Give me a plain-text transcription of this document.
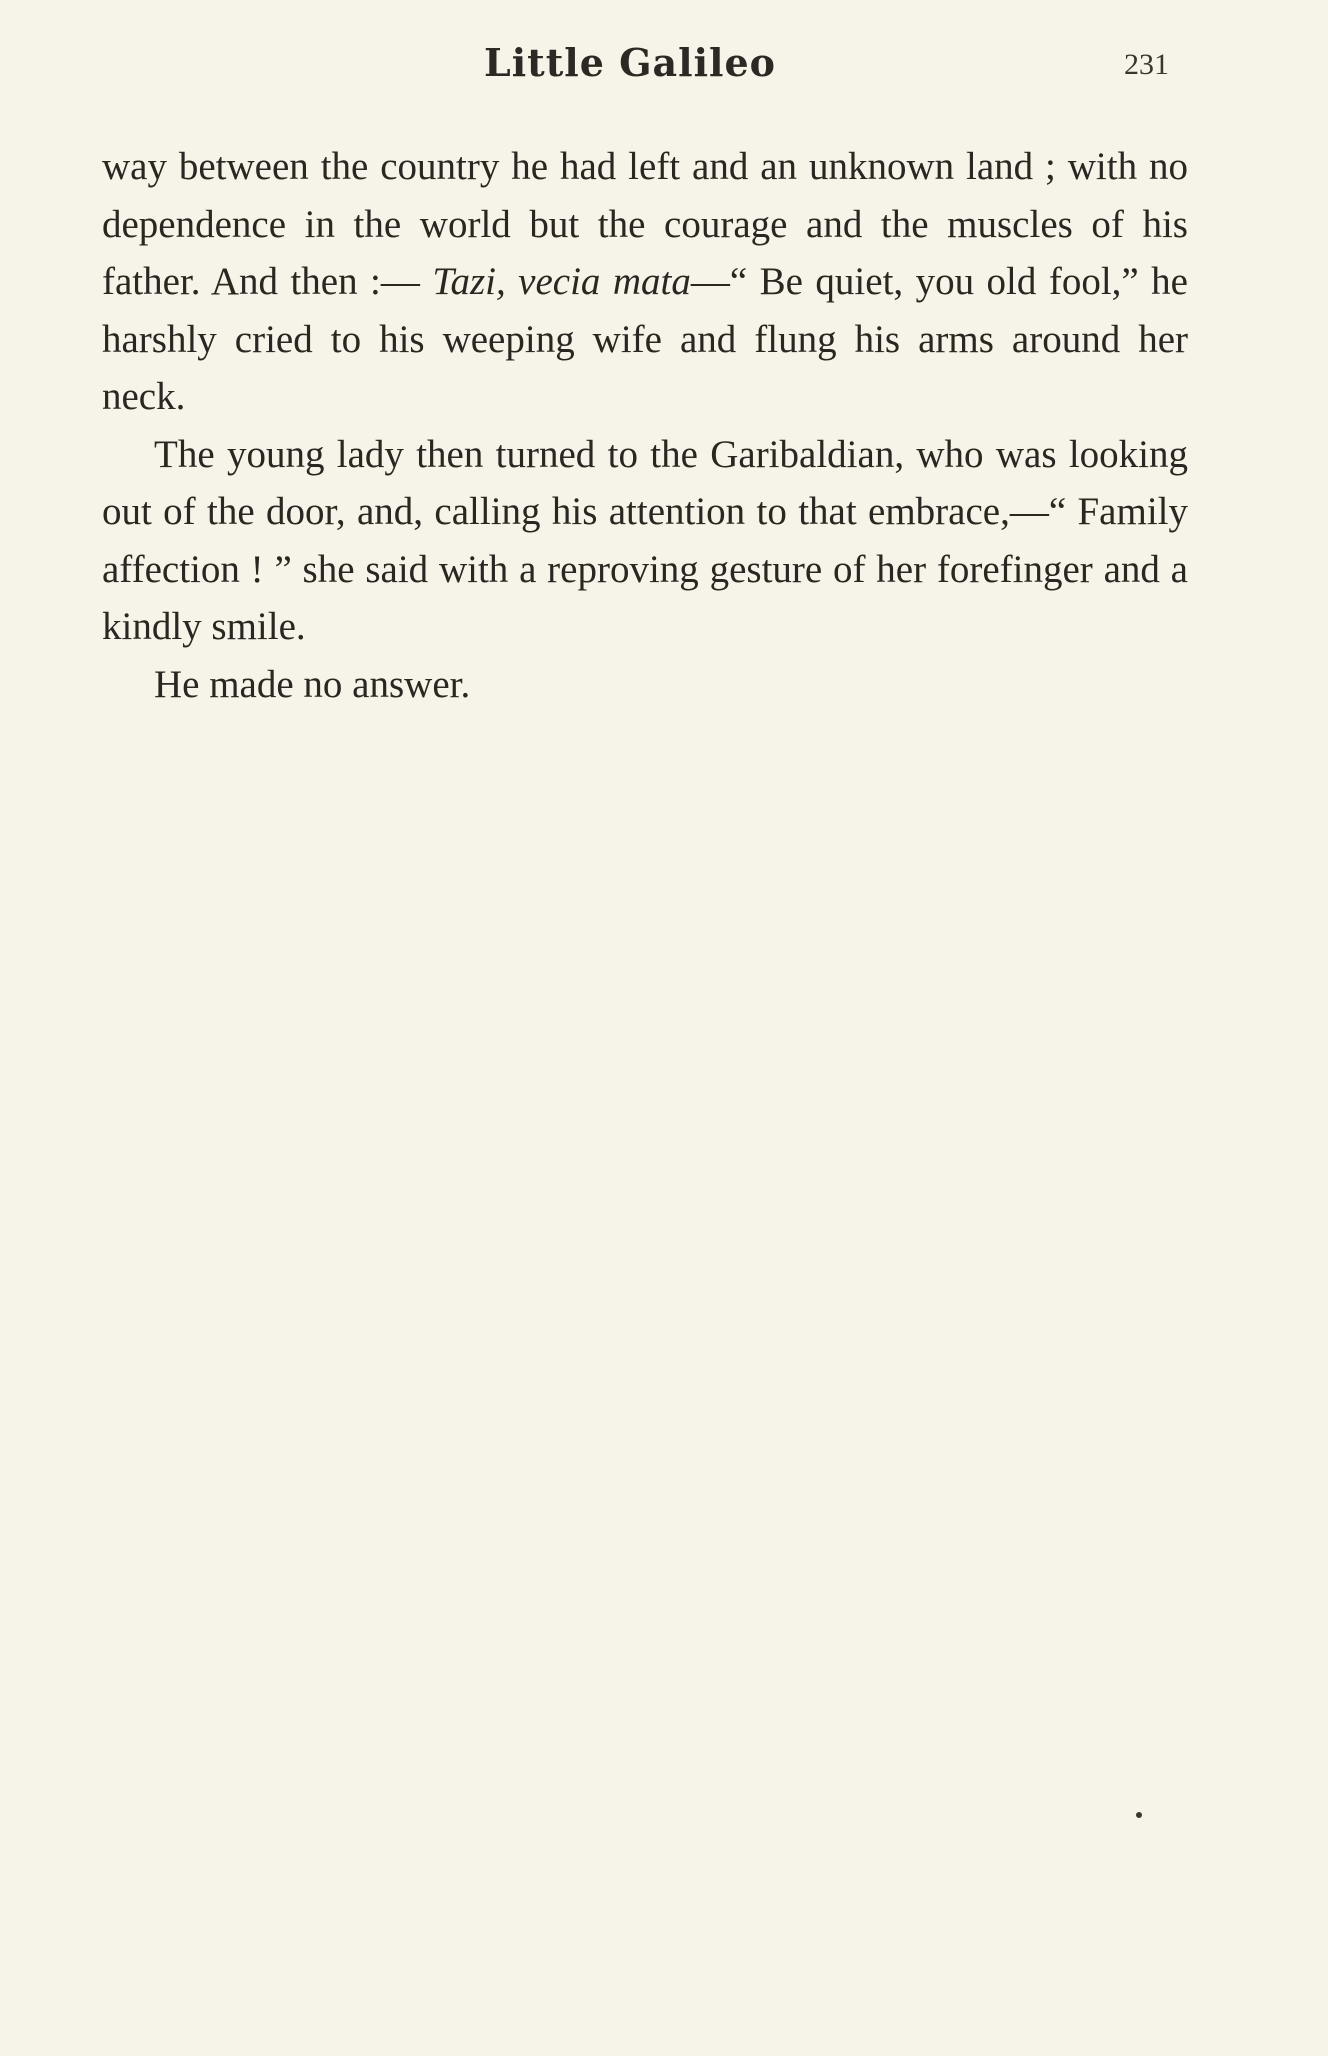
Little Galileo	231

way between the country he had left and an unknown land ; with no dependence in the world but the courage and the muscles of his father. And then :— Tazi, vecia mata—“ Be quiet, you old fool,” he harshly cried to his weeping wife and flung his arms around her neck.

The young lady then turned to the Garibaldian, who was looking out of the door, and, calling his attention to that embrace,—“ Family affection ! ” she said with a reproving gesture of her forefinger and a kindly smile.

He made no answer.
